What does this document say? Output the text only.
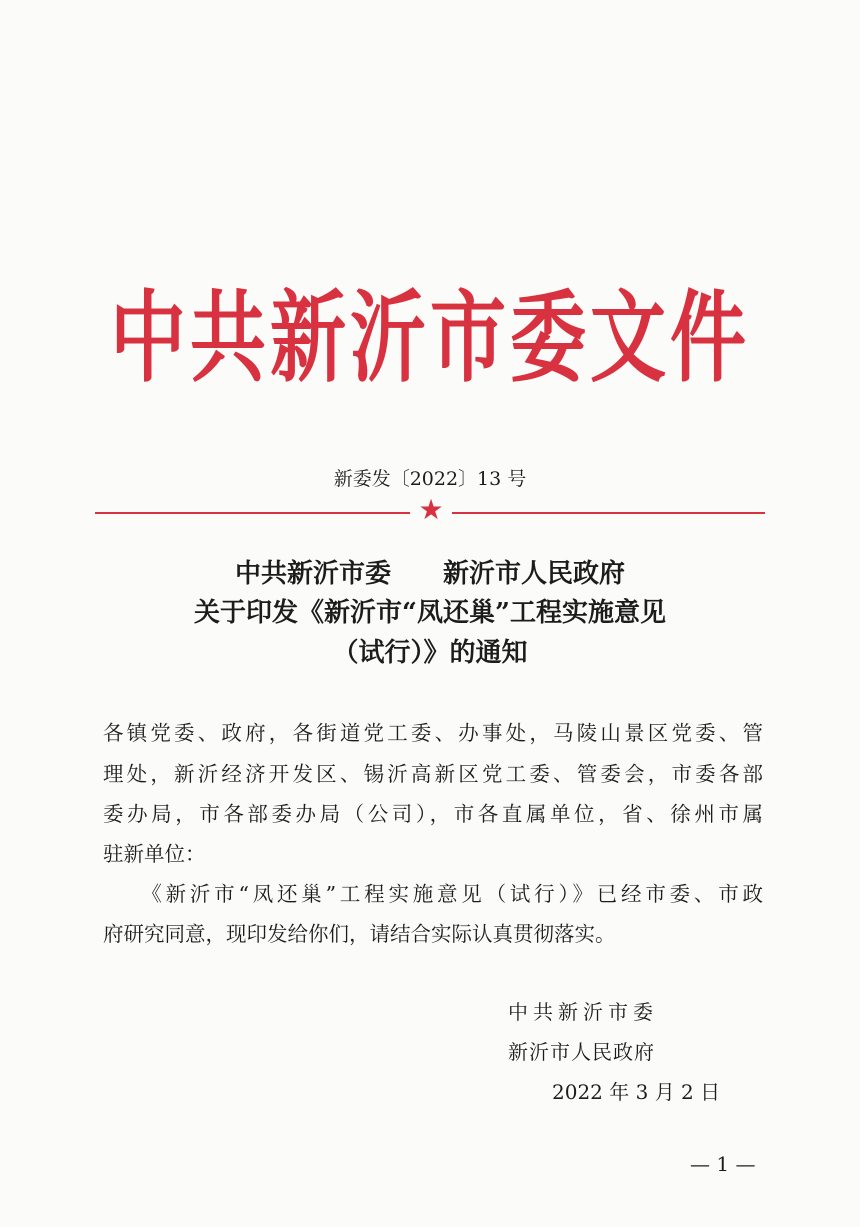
中共新沂市委文件
新委发〔2022〕13 号
★
中共新沂市委　　新沂市人民政府
关于印发《新沂市“凤还巢”工程实施意见
（试行）》的通知
各镇党委、政府，各街道党工委、办事处，马陵山景区党委、管
理处，新沂经济开发区、锡沂高新区党工委、管委会，市委各部
委办局，市各部委办局（公司），市各直属单位，省、徐州市属
驻新单位：
　　《新沂市“凤还巢”工程实施意见（试行）》已经市委、市政
府研究同意，现印发给你们，请结合实际认真贯彻落实。
中共新沂市委
新沂市人民政府
2022 年 3 月 2 日
— 1 —
